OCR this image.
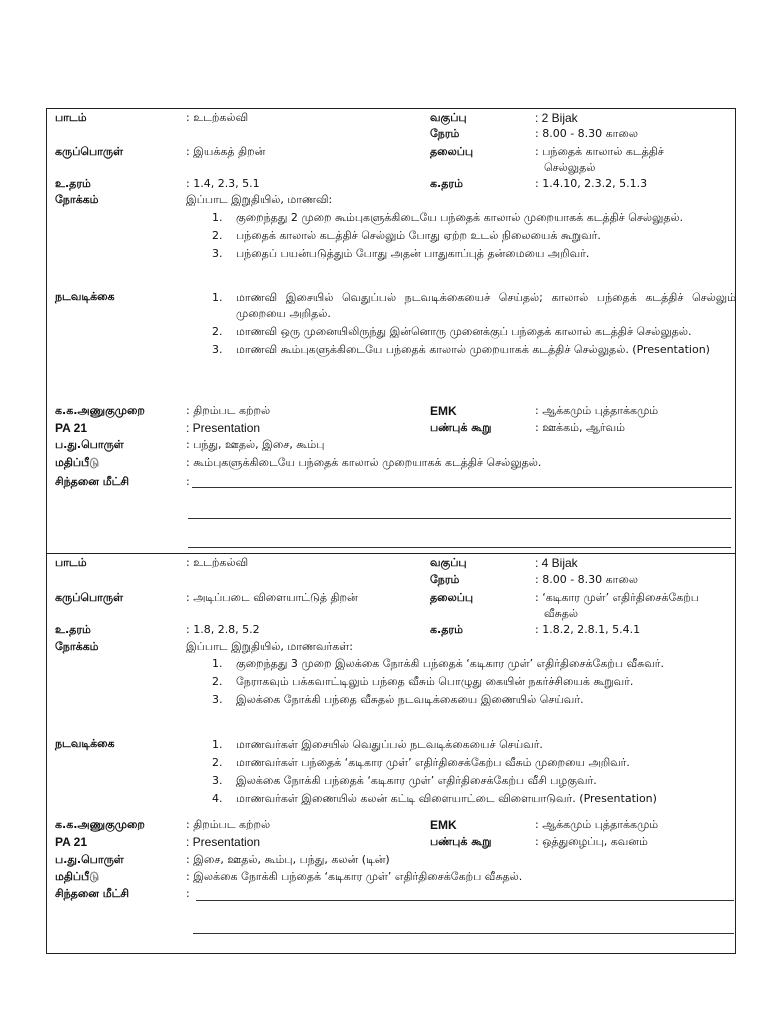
பாடம்	: உடற்கல்வி	வகுப்பு	: 2 Bijak
நேரம்	: 8.00 - 8.30 காலை
கருப்பொருள்	: இயக்கத் திறன்	தலைப்பு	: பந்தைக் காலால் கடத்திச்
செல்லுதல்
உ.தரம்	: 1.4, 2.3, 5.1	க.தரம்	: 1.4.10, 2.3.2, 5.1.3
நோக்கம்	இப்பாட இறுதியில், மாணவி:
1. குறைந்தது 2 முறை கூம்புகளுக்கிடையே பந்தைக் காலால் முறையாகக் கடத்திச் செல்லுதல்.
2. பந்தைக் காலால் கடத்திச் செல்லும் போது ஏற்ற உடல் நிலையைக் கூறுவர்.
3. பந்தைப் பயன்படுத்தும் போது அதன் பாதுகாப்புத் தன்மையை அறிவர்.
நடவடிக்கை	1. மாணவி இசையில் வெதுப்பல் நடவடிக்கையைச் செய்தல்; காலால் பந்தைக் கடத்திச் செல்லும் முறையை அறிதல்.
2. மாணவி ஒரு முனையிலிருந்து இன்னொரு முனைக்குப் பந்தைக் காலால் கடத்திச் செல்லுதல்.
3. மாணவி கூம்புகளுக்கிடையே பந்தைக் காலால் முறையாகக் கடத்திச் செல்லுதல். (Presentation)
க.க.அணுகுமுறை	: திறம்பட கற்றல்	EMK	: ஆக்கமும் புத்தாக்கமும்
PA 21	: Presentation	பண்புக் கூறு	: ஊக்கம், ஆர்வம்
ப.து.பொருள்	: பந்து, ஊதல், இசை, கூம்பு
மதிப்பீடு	: கூம்புகளுக்கிடையே பந்தைக் காலால் முறையாகக் கடத்திச் செல்லுதல்.
சிந்தனை மீட்சி	:
பாடம்	: உடற்கல்வி	வகுப்பு	: 4 Bijak
நேரம்	: 8.00 - 8.30 காலை
கருப்பொருள்	: அடிப்படை விளையாட்டுத் திறன்	தலைப்பு	: ‘கடிகார முள்’ எதிர்திசைக்கேற்ப
வீசுதல்
உ.தரம்	: 1.8, 2.8, 5.2	க.தரம்	: 1.8.2, 2.8.1, 5.4.1
நோக்கம்	இப்பாட இறுதியில், மாணவர்கள்:
1. குறைந்தது 3 முறை இலக்கை நோக்கி பந்தைக் ‘கடிகார முள்’ எதிர்திசைக்கேற்ப வீசுவர்.
2. நேராகவும் பக்கவாட்டிலும் பந்தை வீசும் பொழுது கையின் நகர்ச்சியைக் கூறுவர்.
3. இலக்கை நோக்கி பந்தை வீசுதல் நடவடிக்கையை இணையில் செய்வர்.
நடவடிக்கை	1. மாணவர்கள் இசையில் வெதுப்பல் நடவடிக்கையைச் செய்வர்.
2. மாணவர்கள் பந்தைக் ‘கடிகார முள்’ எதிர்திசைக்கேற்ப வீசும் முறையை அறிவர்.
3. இலக்கை நோக்கி பந்தைக் ‘கடிகார முள்’ எதிர்திசைக்கேற்ப வீசி பழகுவர்.
4. மாணவர்கள் இணையில் கலன் கட்டி விளையாட்டை விளையாடுவர். (Presentation)
க.க.அணுகுமுறை	: திறம்பட கற்றல்	EMK	: ஆக்கமும் புத்தாக்கமும்
PA 21	: Presentation	பண்புக் கூறு	: ஒத்துழைப்பு, கவனம்
ப.து.பொருள்	: இசை, ஊதல், கூம்பு, பந்து, கலன் (டின்)
மதிப்பீடு	: இலக்கை நோக்கி பந்தைக் ‘கடிகார முள்’ எதிர்திசைக்கேற்ப வீசுதல்.
சிந்தனை மீட்சி	:
